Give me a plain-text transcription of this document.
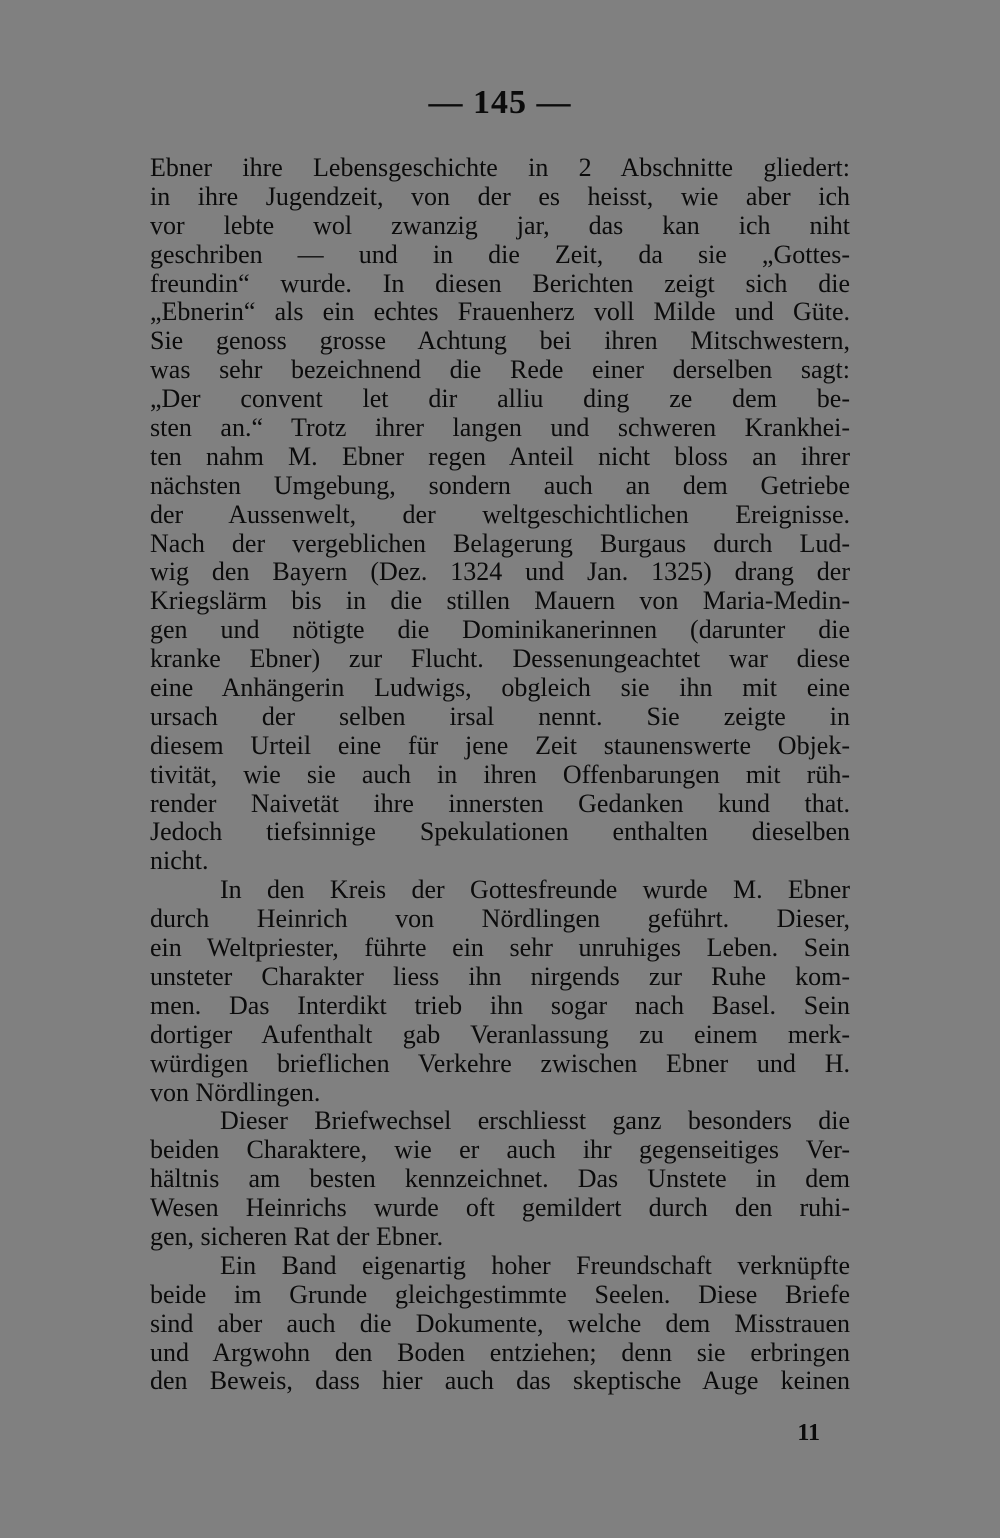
— 145 —
Ebner ihre Lebensgeschichte in 2 Abschnitte gliedert:
in ihre Jugendzeit, von der es heisst, wie aber ich
vor lebte wol zwanzig jar, das kan ich niht
geschriben — und in die Zeit, da sie „Gottes-
freundin“ wurde. In diesen Berichten zeigt sich die
„Ebnerin“ als ein echtes Frauenherz voll Milde und Güte.
Sie genoss grosse Achtung bei ihren Mitschwestern,
was sehr bezeichnend die Rede einer derselben sagt:
„Der convent let dir alliu ding ze dem be-
sten an.“ Trotz ihrer langen und schweren Krankhei-
ten nahm M. Ebner regen Anteil nicht bloss an ihrer
nächsten Umgebung, sondern auch an dem Getriebe
der Aussenwelt, der weltgeschichtlichen Ereignisse.
Nach der vergeblichen Belagerung Burgaus durch Lud-
wig den Bayern (Dez. 1324 und Jan. 1325) drang der
Kriegslärm bis in die stillen Mauern von Maria-Medin-
gen und nötigte die Dominikanerinnen (darunter die
kranke Ebner) zur Flucht. Dessenungeachtet war diese
eine Anhängerin Ludwigs, obgleich sie ihn mit eine
ursach der selben irsal nennt. Sie zeigte in
diesem Urteil eine für jene Zeit staunenswerte Objek-
tivität, wie sie auch in ihren Offenbarungen mit rüh-
render Naivetät ihre innersten Gedanken kund that.
Jedoch tiefsinnige Spekulationen enthalten dieselben
nicht.
In den Kreis der Gottesfreunde wurde M. Ebner
durch Heinrich von Nördlingen geführt. Dieser,
ein Weltpriester, führte ein sehr unruhiges Leben. Sein
unsteter Charakter liess ihn nirgends zur Ruhe kom-
men. Das Interdikt trieb ihn sogar nach Basel. Sein
dortiger Aufenthalt gab Veranlassung zu einem merk-
würdigen brieflichen Verkehre zwischen Ebner und H.
von Nördlingen.
Dieser Briefwechsel erschliesst ganz besonders die
beiden Charaktere, wie er auch ihr gegenseitiges Ver-
hältnis am besten kennzeichnet. Das Unstete in dem
Wesen Heinrichs wurde oft gemildert durch den ruhi-
gen, sicheren Rat der Ebner.
Ein Band eigenartig hoher Freundschaft verknüpfte
beide im Grunde gleichgestimmte Seelen. Diese Briefe
sind aber auch die Dokumente, welche dem Misstrauen
und Argwohn den Boden entziehen; denn sie erbringen
den Beweis, dass hier auch das skeptische Auge keinen
11
